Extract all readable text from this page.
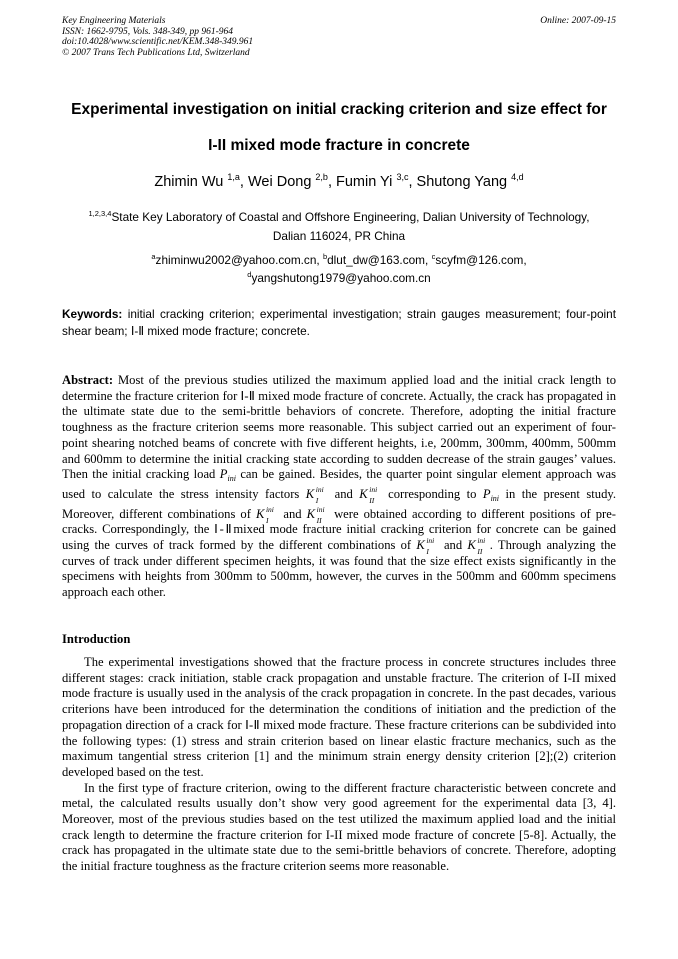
Key Engineering Materials
ISSN: 1662-9795, Vols. 348-349, pp 961-964
doi:10.4028/www.scientific.net/KEM.348-349.961
© 2007 Trans Tech Publications Ltd, Switzerland
Online: 2007-09-15
Experimental investigation on initial cracking criterion and size effect for
I-II mixed mode fracture in concrete
Zhimin Wu $^{1,a}$, Wei Dong $^{2,b}$, Fumin Yi $^{3,c}$, Shutong Yang $^{4,d}$
$^{1,2,3,4}$State Key Laboratory of Coastal and Offshore Engineering, Dalian University of Technology,
Dalian 116024, PR China
$^a$zhiminwu2002@yahoo.com.cn, $^b$dlut_dw@163.com, $^c$scyfm@126.com,
$^d$yangshutong1979@yahoo.com.cn
Keywords: initial cracking criterion; experimental investigation; strain gauges measurement; four-point shear beam; Ⅰ-Ⅱ mixed mode fracture; concrete.
Abstract: Most of the previous studies utilized the maximum applied load and the initial crack length to determine the fracture criterion for Ⅰ-Ⅱ mixed mode fracture of concrete. Actually, the crack has propagated in the ultimate state due to the semi-brittle behaviors of concrete. Therefore, adopting the initial fracture toughness as the fracture criterion seems more reasonable. This subject carried out an experiment of four-point shearing notched beams of concrete with five different heights, i.e, 200mm, 300mm, 400mm, 500mm and 600mm to determine the initial cracking state according to sudden decrease of the strain gauges’ values. Then the initial cracking load $P_{ini}$ can be gained. Besides, the quarter point singular element approach was used to calculate the stress intensity factors K ini
I and K ini
II corresponding to $P_{ini}$ in the present study. Moreover, different combinations of K ini
I and K ini
II were obtained according to different positions of pre-cracks. Correspondingly, the Ⅰ-Ⅱmixed mode fracture initial cracking criterion for concrete can be gained using the curves of track formed by the different combinations of K ini
I and K ini
II . Through analyzing the curves of track under different specimen heights, it was found that the size effect exists significantly in the specimens with heights from 300mm to 500mm, however, the curves in the 500mm and 600mm specimens approach each other.
Introduction

The experimental investigations showed that the fracture process in concrete structures includes three different stages: crack initiation, stable crack propagation and unstable fracture. The criterion of I-II mixed mode fracture is usually used in the analysis of the crack propagation in concrete. In the past decades, various criterions have been introduced for the determination the conditions of initiation and the prediction of the propagation direction of a crack for Ⅰ-Ⅱ mixed mode fracture. These fracture criterions can be subdivided into the following types: (1) stress and strain criterion based on linear elastic fracture mechanics, such as the maximum tangential stress criterion [1] and the minimum strain energy density criterion [2];(2) criterion developed based on the test.

In the first type of fracture criterion, owing to the different fracture characteristic between concrete and metal, the calculated results usually don’t show very good agreement for the experimental data [3, 4]. Moreover, most of the previous studies based on the test utilized the maximum applied load and the initial crack length to determine the fracture criterion for I-II mixed mode fracture of concrete [5-8]. Actually, the crack has propagated in the ultimate state due to the semi-brittle behaviors of concrete. Therefore, adopting the initial fracture toughness as the fracture criterion seems more reasonable.
